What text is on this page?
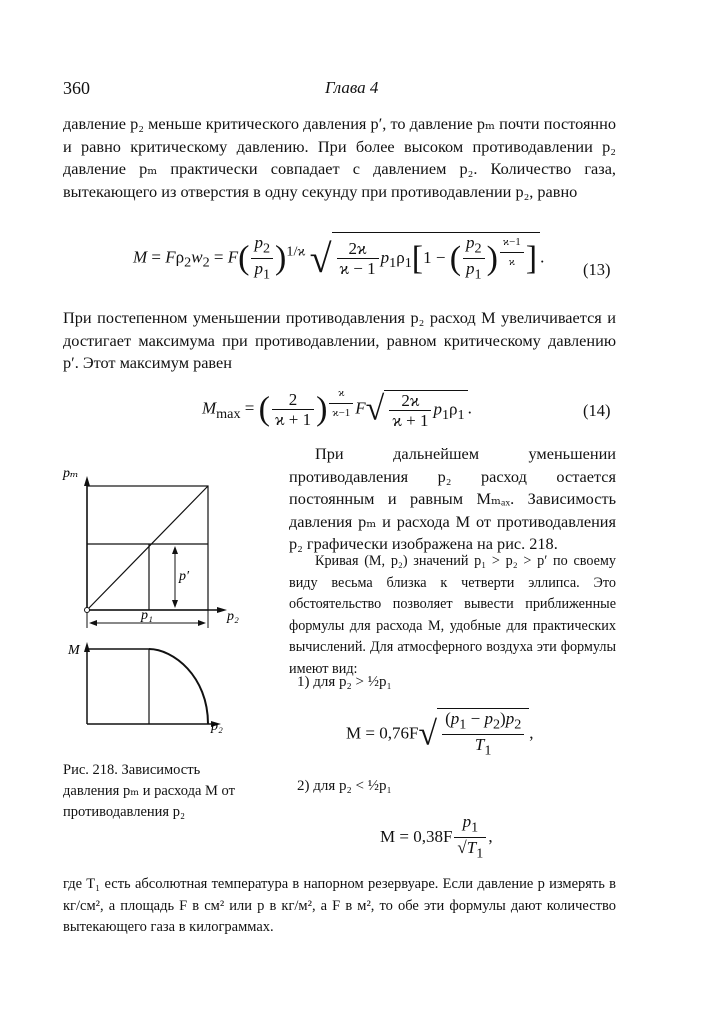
360	Глава 4
давление p₂ меньше критического давления p′, то давление pₘ почти постоянно и равно критическому давлению. При более высоком противодавлении p₂ давление pₘ практически совпадает с давлением p₂. Количество газа, вытекающего из отверстия в одну секунду при противодавлении p₂, равно
$M = F\rho_2w_2 = F( \frac{p_2}{p_1} )^{1/ϰ}$ √ $\frac{2ϰ}{ϰ - 1} p_1\rho_1[1$ − ( $\frac{p_2}{p_1}$ ) $^{\frac{ϰ-1}{ϰ}}$ ] .
(13)
При постепенном уменьшении противодавления p₂ расход M увеличивается и достигает максимума при противодавлении, равном критическому давлению p′. Этот максимум равен
$M_{max}$ = ( $\frac{2}{ϰ + 1}$ ) $^{\frac{ϰ}{ϰ-1}}$ $F√ \frac{2ϰ}{ϰ + 1} p_1\rho_1$ .	(14)
При дальнейшем уменьшении противодавления p₂ расход остается постоянным и равным Mₘₐₓ. Зависимость давления pₘ и расхода M от противодавления p₂ графически изображена на рис. 218.
Кривая (M, p₂) значений p₁ > p₂ > p′ по своему виду весьма близка к четверти эллипса. Это обстоятельство позволяет вывести приближенные формулы для расхода M, удобные для практических вычислений. Для атмосферного воздуха эти формулы имеют вид:
1) для p₂ > ½p₁
$M = 0,76F√ \frac{(p_1 - p_2)p_2}{T_1}$ ,
2) для p₂ < ½p₁
$M = 0,38F \frac{p_1}{√T_1}$ ,
pₘ
p₂
p′
p₁
M
p₂
Рис. 218. Зависимость давления pₘ и расхода M от противодавления p₂
где T₁ есть абсолютная температура в напорном резервуаре. Если давление p измерять в кг/см², а площадь F в см² или p в кг/м², а F в м², то обе эти формулы дают количество вытекающего газа в килограммах.
